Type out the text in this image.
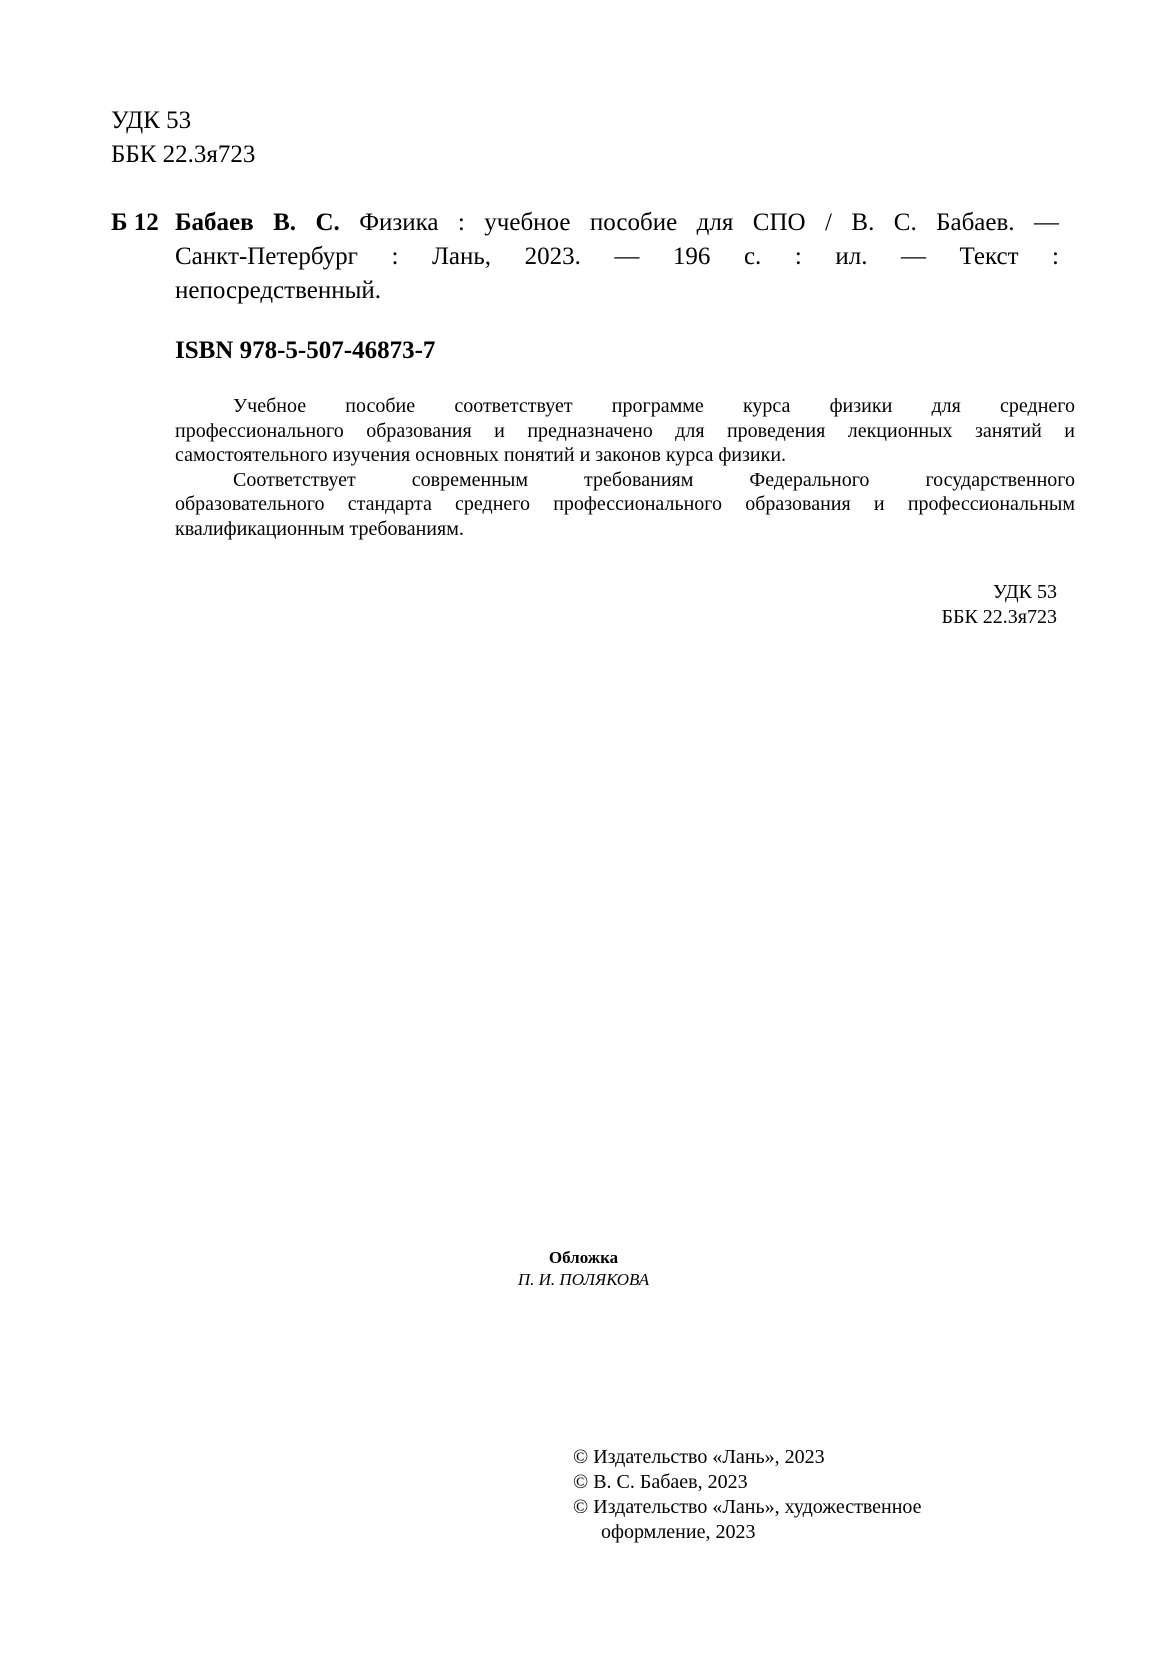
УДК 53
ББК 22.3я723
Б 12 Бабаев В. С. Физика : учебное пособие для СПО / В. С. Бабаев. —
Санкт-Петербург : Лань, 2023. — 196 с. : ил. — Текст :
непосредственный.
ISBN 978-5-507-46873-7
Учебное пособие соответствует программе курса физики для среднего
профессионального образования и предназначено для проведения лекционных занятий и
самостоятельного изучения основных понятий и законов курса физики.
Соответствует современным требованиям Федерального государственного
образовательного стандарта среднего профессионального образования и профессиональным
квалификационным требованиям.
УДК 53
ББК 22.3я723
Обложка
П. И. ПОЛЯКОВА
© Издательство «Лань», 2023
© В. С. Бабаев, 2023
© Издательство «Лань», художественное
оформление, 2023
